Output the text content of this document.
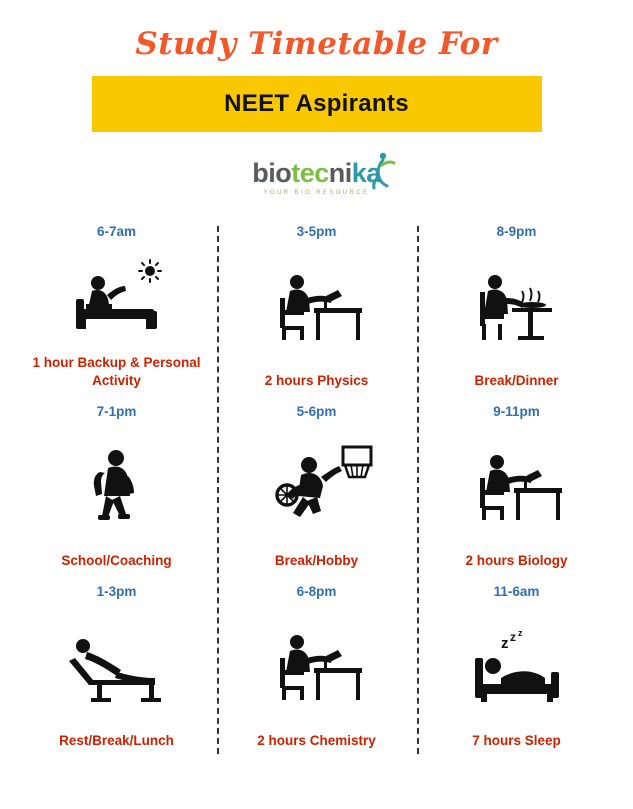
Study Timetable For
NEET Aspirants
biotecnika
YOUR BIO RESOURCE
6-7am
1 hour Backup & Personal Activity
3-5pm
2 hours Physics
8-9pm
Break/Dinner
7-1pm
School/Coaching
5-6pm
Break/Hobby
9-11pm
2 hours Biology
1-3pm
Rest/Break/Lunch
6-8pm
2 hours Chemistry
11-6am
z z z
7 hours Sleep
